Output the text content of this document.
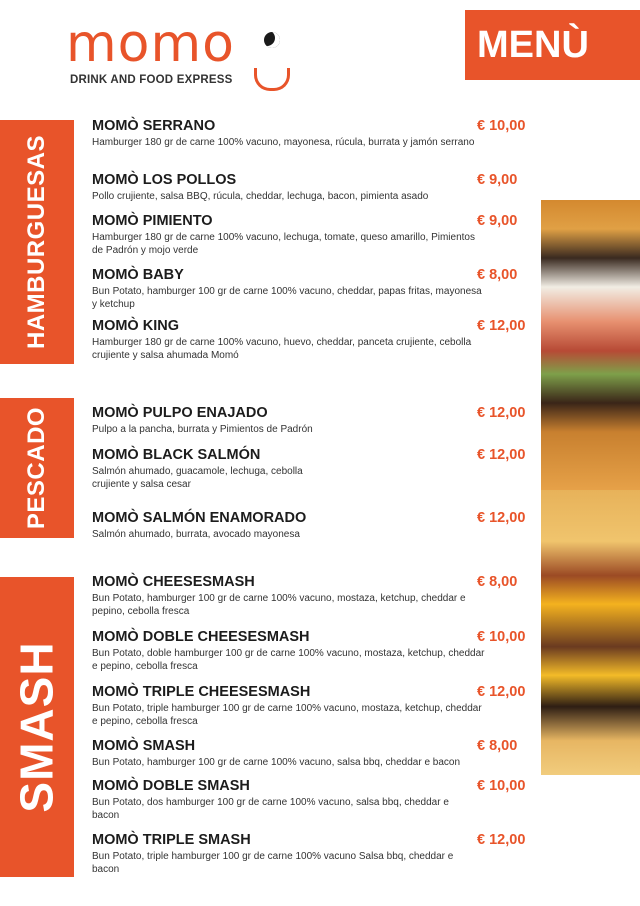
momo
DRINK AND FOOD EXPRESS
MENÙ
HAMBURGUESAS
PESCADO
SMASH
MOMÒ SERRANO
Hamburger 180 gr de carne 100% vacuno, mayonesa, rúcula, burrata y jamón serrano
€ 10,00
MOMÒ LOS POLLOS
Pollo crujiente, salsa BBQ, rúcula, cheddar, lechuga, bacon, pimienta asado
€ 9,00
MOMÒ PIMIENTO
Hamburger 180 gr de carne 100% vacuno, lechuga, tomate, queso amarillo, Pimientos de Padrón y mojo verde
€ 9,00
MOMÒ BABY
Bun Potato, hamburger 100 gr de carne 100% vacuno, cheddar, papas fritas, mayonesa y ketchup
€ 8,00
MOMÒ KING
Hamburger 180 gr de carne 100% vacuno, huevo, cheddar, panceta crujiente, cebolla crujiente y salsa ahumada Momó
€ 12,00
MOMÒ PULPO ENAJADO
Pulpo a la pancha, burrata y Pimientos de Padrón
€ 12,00
MOMÒ BLACK SALMÓN
Salmón ahumado, guacamole, lechuga, cebolla crujiente y salsa cesar
€ 12,00
MOMÒ SALMÓN ENAMORADO
Salmón ahumado, burrata, avocado mayonesa
€ 12,00
MOMÒ CHEESESMASH
Bun Potato, hamburger 100 gr de carne 100% vacuno, mostaza, ketchup, cheddar e pepino, cebolla fresca
€ 8,00
MOMÒ DOBLE CHEESESMASH
Bun Potato, doble hamburger 100 gr de carne 100% vacuno, mostaza, ketchup, cheddar e pepino, cebolla fresca
€ 10,00
MOMÒ TRIPLE CHEESESMASH
Bun Potato, triple hamburger 100 gr de carne 100% vacuno, mostaza, ketchup, cheddar e pepino, cebolla fresca
€ 12,00
MOMÒ SMASH
Bun Potato, hamburger 100 gr de carne 100% vacuno, salsa bbq, cheddar e bacon
€ 8,00
MOMÒ DOBLE SMASH
Bun Potato, dos hamburger 100 gr de carne 100% vacuno, salsa bbq, cheddar e bacon
€ 10,00
MOMÒ TRIPLE SMASH
Bun Potato, triple hamburger 100 gr de carne 100% vacuno Salsa bbq, cheddar e bacon
€ 12,00
